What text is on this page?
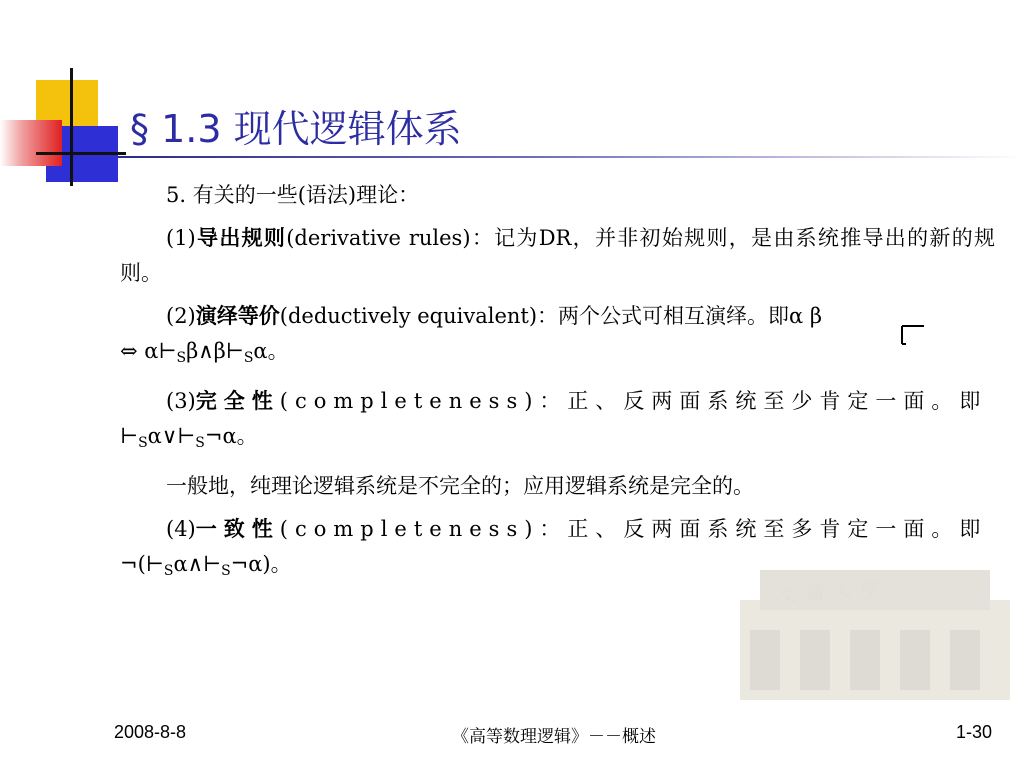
§ 1.3 现代逻辑体系
交 通 大 学

5. 有关的一些(语法)理论：

(1)导出规则(derivative rules)：记为DR，并非初始规则，是由系统推导出的新的规则。

(2)演绎等价(deductively equivalent)：两个公式可相互演绎。即α β
⇔ $\alpha⊢_S\beta\wedge\beta⊢_S\alpha$。

(3)完全性(completeness)：正、反两面系统至少肯定一面。即
$⊢_S\alpha\vee⊢_S\neg\alpha$。

一般地，纯理论逻辑系统是不完全的；应用逻辑系统是完全的。

(4)一致性(completeness)：正、反两面系统至多肯定一面。即
$\neg(⊢_S\alpha\wedge⊢_S\neg\alpha)$。

2008-8-8	《高等数理逻辑》－－概述	1-30
